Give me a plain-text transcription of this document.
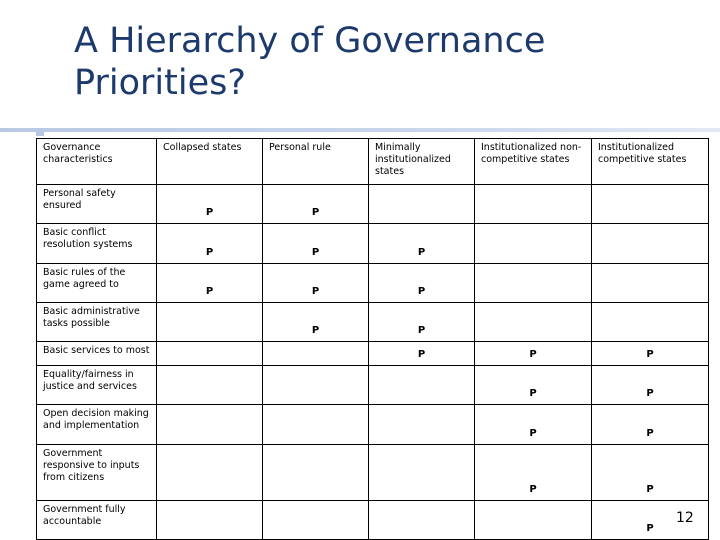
A Hierarchy of Governance
Priorities?
Governance characteristics	Collapsed states	Personal rule	Minimally institutionalized states	Institutionalized non-competitive states	Institutionalized competitive states
Personal safety ensured	P	P			
Basic conflict resolution systems	P	P	P		
Basic rules of the game agreed to	P	P	P		
Basic administrative tasks possible		P	P		
Basic services to most			P	P	P
Equality/fairness in justice and services				P	P
Open decision making and implementation				P	P
Government responsive to inputs from citizens				P	P
Government fully accountable					P
12
